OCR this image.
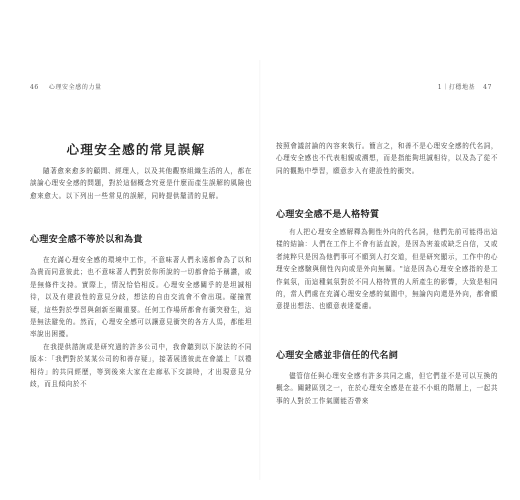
46 心理安全感的力量
心理安全感的常見誤解

隨著愈來愈多的顧問、經理人，以及其他觀察組織生活的人，都在談論心理安全感的問題，對於這個概念究竟是什麼而產生誤解的風險也愈來愈大。以下列出一些常見的誤解，同時提供釐清的見解。

心理安全感不等於以和為貴

在充滿心理安全感的環境中工作，不意味著人們永遠都會為了以和為貴而同意彼此；也不意味著人們對於你所說的一切都會給予稱讚，或是無條件支持。實際上，情況恰恰相反。心理安全感關乎的是坦誠相待，以及有建設性的意見分歧，想法的自由交流會不會出現。碰撞質疑，這些對於學習與創新至關重要。任何工作場所都會有衝突發生，這是無法避免的。然而，心理安全感可以讓意見衝突的各方人馬，都能坦率說出困擾。

在我提供諮詢或是研究過的許多公司中，我會聽到以下說法的不同版本：「我們對於某某公司的和善存疑」，接著展透彼此在會議上「以禮相待」的共同經歷，等到後來大家在走廊私下交談時，才出現意見分歧，而且傾向於不

1｜打穩地基 47

按照會議討論的內容來執行。簡言之，和善不是心理安全感的代名詞，心理安全感也不代表相親或溯想，而是指能夠坦誠相待，以及為了從不同的觀點中學習，願意步入有建設性的衝突。

心理安全感不是人格特質

有人把心理安全感解釋為側性外向的代名詞，他們先前可能得出這樣的結論：人們在工作上不會有話直說，是因為害羞或缺乏自信，又或者純粹只是因為他們事可不願到人打交道，但是研究顯示，工作中的心理安全感驗與側性內向或是外向無關。"這是因為心理安全感指的是工作氣氛，而這種氣氛對於不同人格特質的人所產生的影響，大致是相同的，當人們處在充滿心理安全感的氣圍中，無論內向還是外向，都會願意提出想法、也願意表達憂慮。

心理安全感並非信任的代名詞

儘管信任與心理安全感有許多共同之處，但它們並不是可以互換的概念。關鍵區別之一，在於心理安全感是在並不小組的階層上，一起共事的人對於工作氣圍能否帶來
